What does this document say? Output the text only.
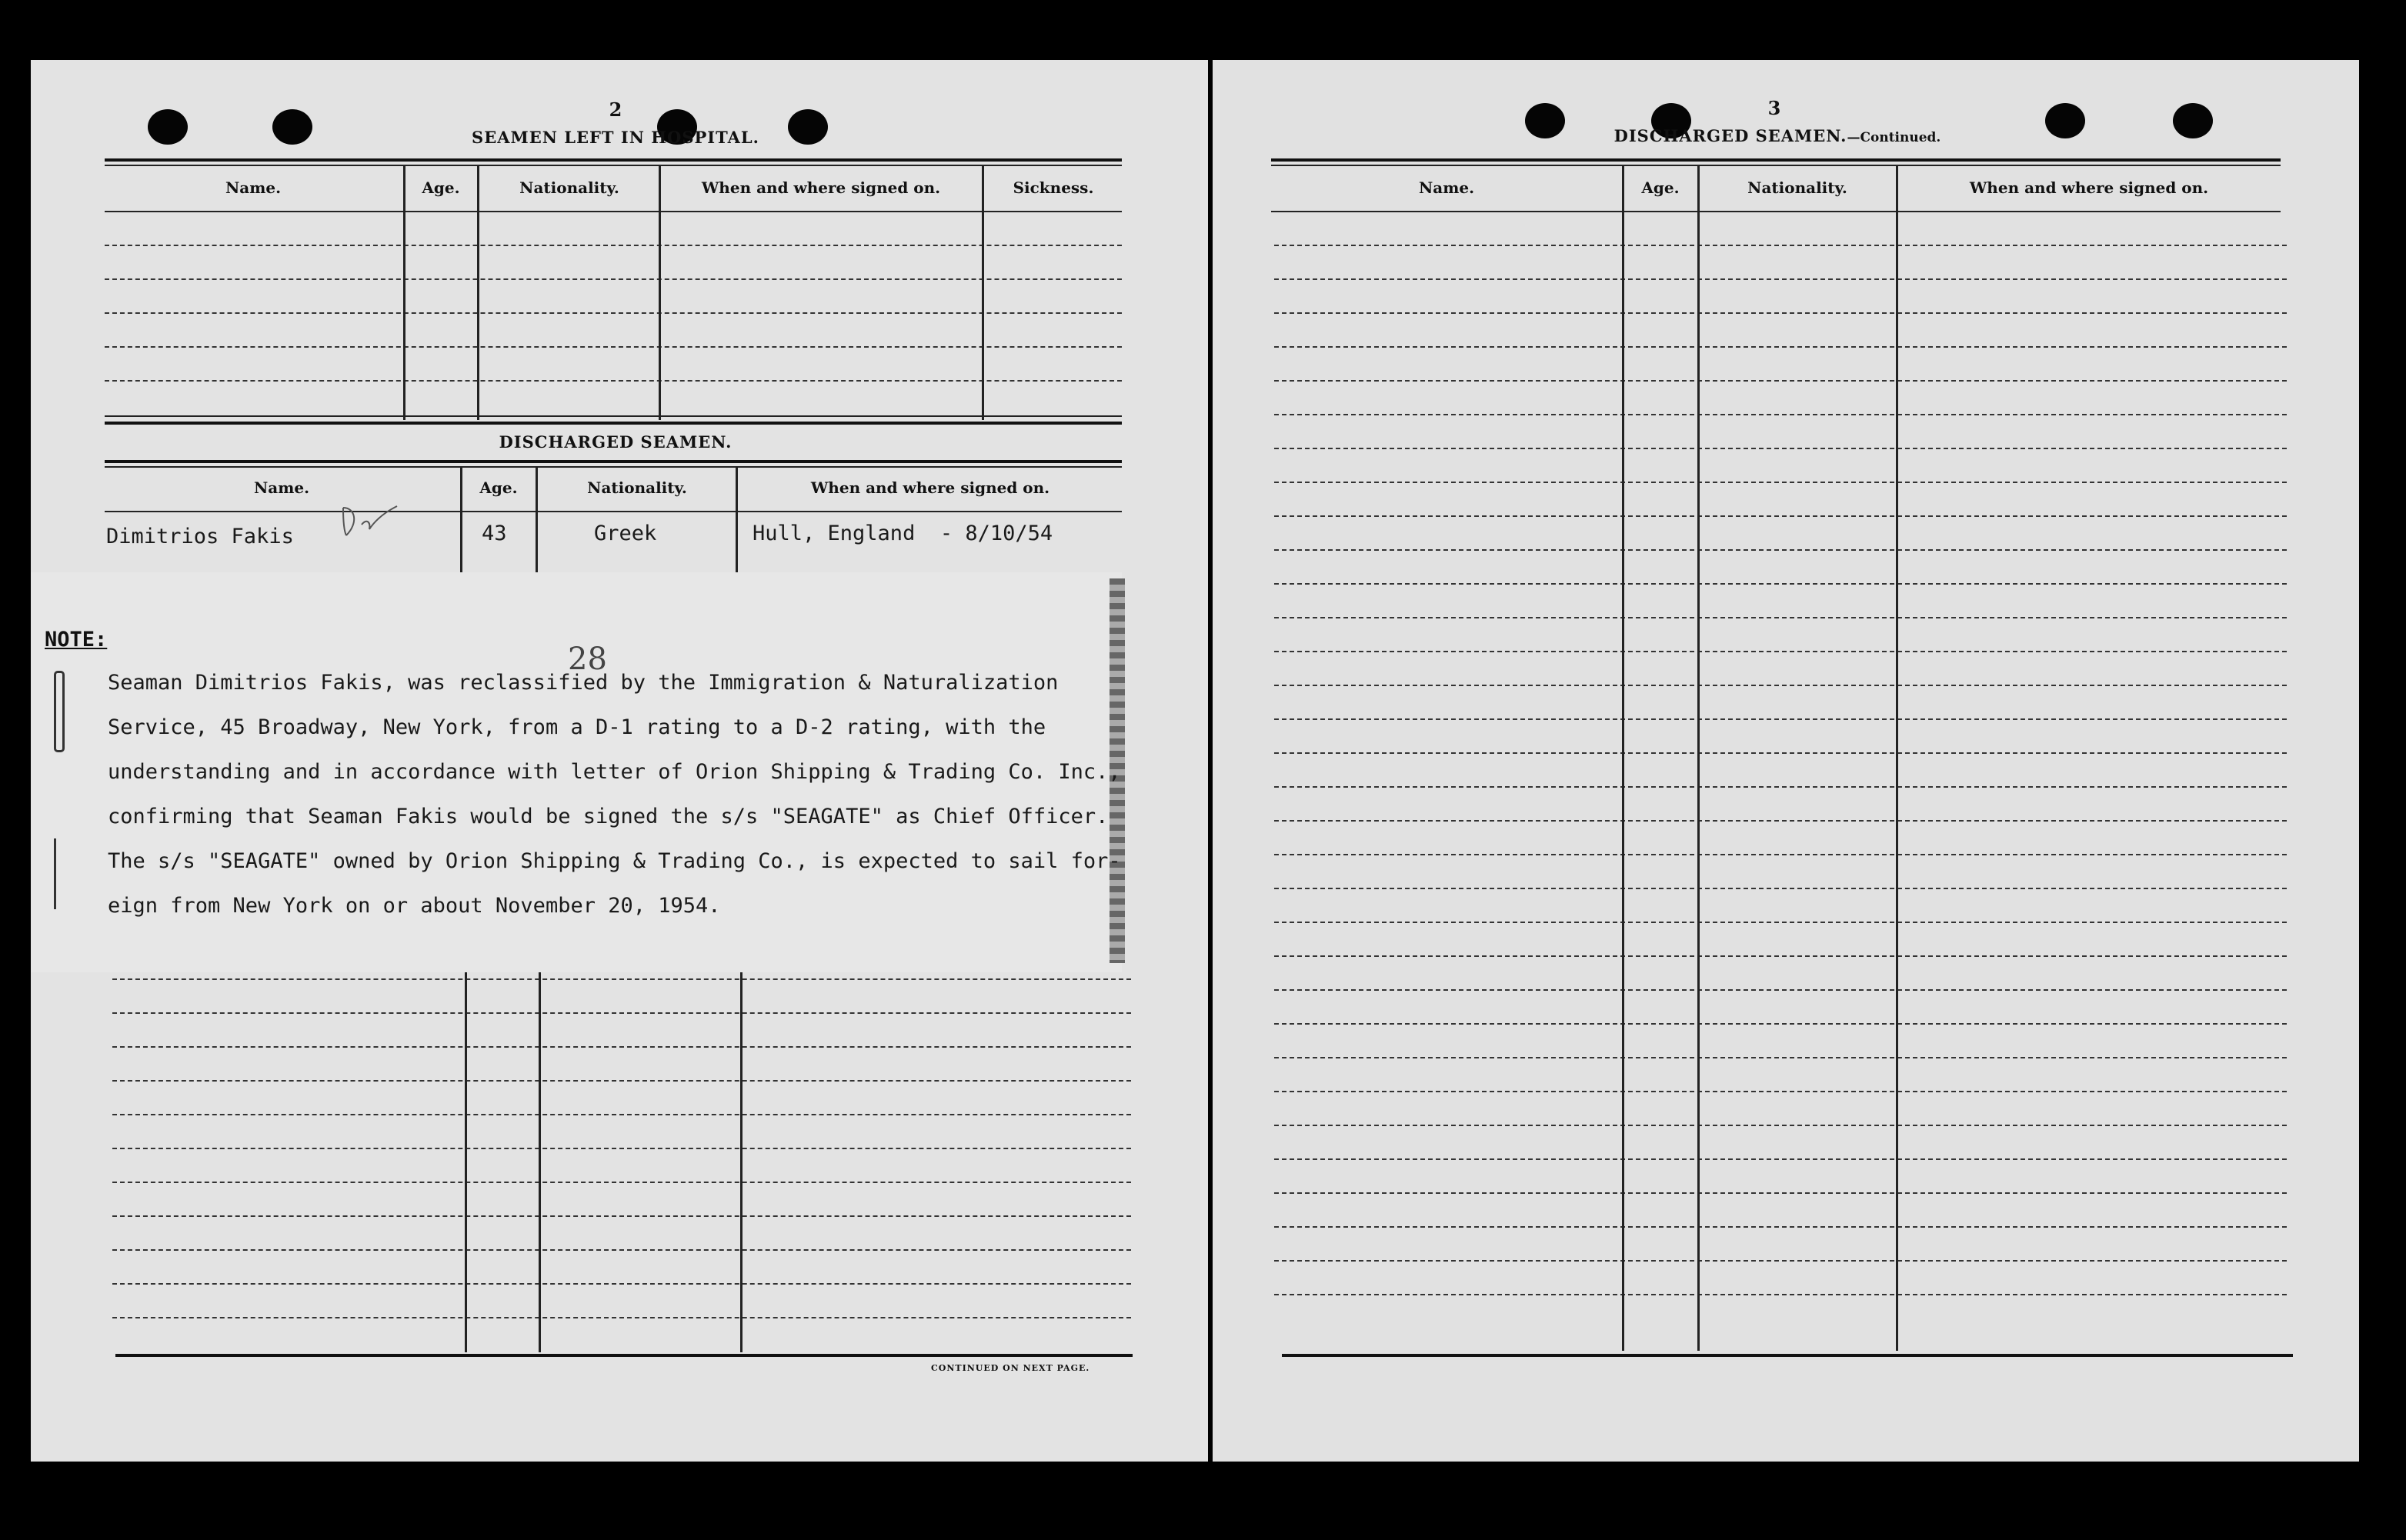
2
SEAMEN LEFT IN HOSPITAL.
Name.	Age.	Nationality.	When and where signed on.	Sickness.
DISCHARGED SEAMEN.
Name.	Age.	Nationality.	When and where signed on.
Dimitrios Fakis	43	Greek	Hull, England  - 8/10/54
NOTE:
28
Seaman Dimitrios Fakis, was reclassified by the Immigration & Naturalization
Service, 45 Broadway, New York, from a D-1 rating to a D-2 rating, with the
understanding and in accordance with letter of Orion Shipping & Trading Co. Inc.,
confirming that Seaman Fakis would be signed the s/s "SEAGATE" as Chief Officer.
The s/s "SEAGATE" owned by Orion Shipping & Trading Co., is expected to sail for-
eign from New York on or about November 20, 1954.
CONTINUED ON NEXT PAGE.
3
DISCHARGED SEAMEN.—Continued.
Name.	Age.	Nationality.	When and where signed on.
